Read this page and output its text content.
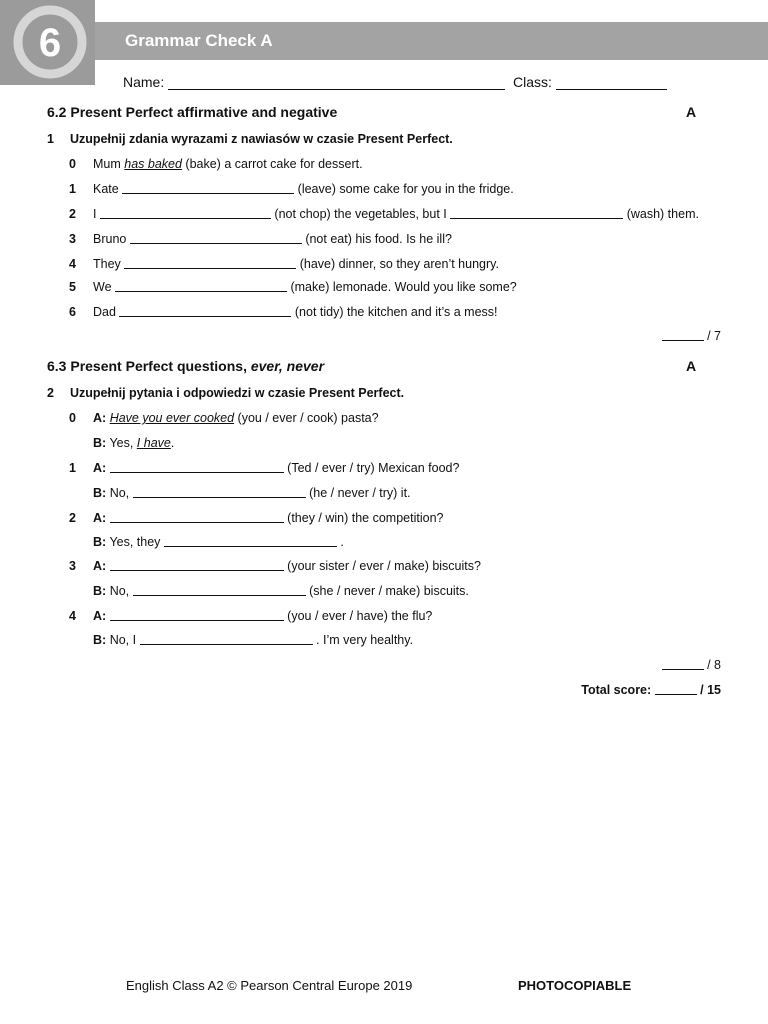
6	Grammar Check A
Name:	Class:
6.2 Present Perfect affirmative and negative	A
1 Uzupełnij zdania wyrazami z nawiasów w czasie Present Perfect.
0	Mum has baked (bake) a carrot cake for dessert.
1	Kate	(leave) some cake for you in the fridge.
2	I	(not chop) the vegetables, but I	(wash) them.
3	Bruno	(not eat) his food. Is he ill?
4	They	(have) dinner, so they aren’t hungry.
5	We	(make) lemonade. Would you like some?
6	Dad	(not tidy) the kitchen and it’s a mess!
/ 7
6.3 Present Perfect questions, ever, never	A
2 Uzupełnij pytania i odpowiedzi w czasie Present Perfect.
0	A: Have you ever cooked (you / ever / cook) pasta?
B: Yes, I have.
1	A:	(Ted / ever / try) Mexican food?
B: No,	(he / never / try) it.
2	A:	(they / win) the competition?
B: Yes, they	.
3	A:	(your sister / ever / make) biscuits?
B: No,	(she / never / make) biscuits.
4	A:	(you / ever / have) the flu?
B: No, I	. I’m very healthy.
/ 8
Total score:	/ 15
English Class A2 © Pearson Central Europe 2019	PHOTOCOPIABLE
